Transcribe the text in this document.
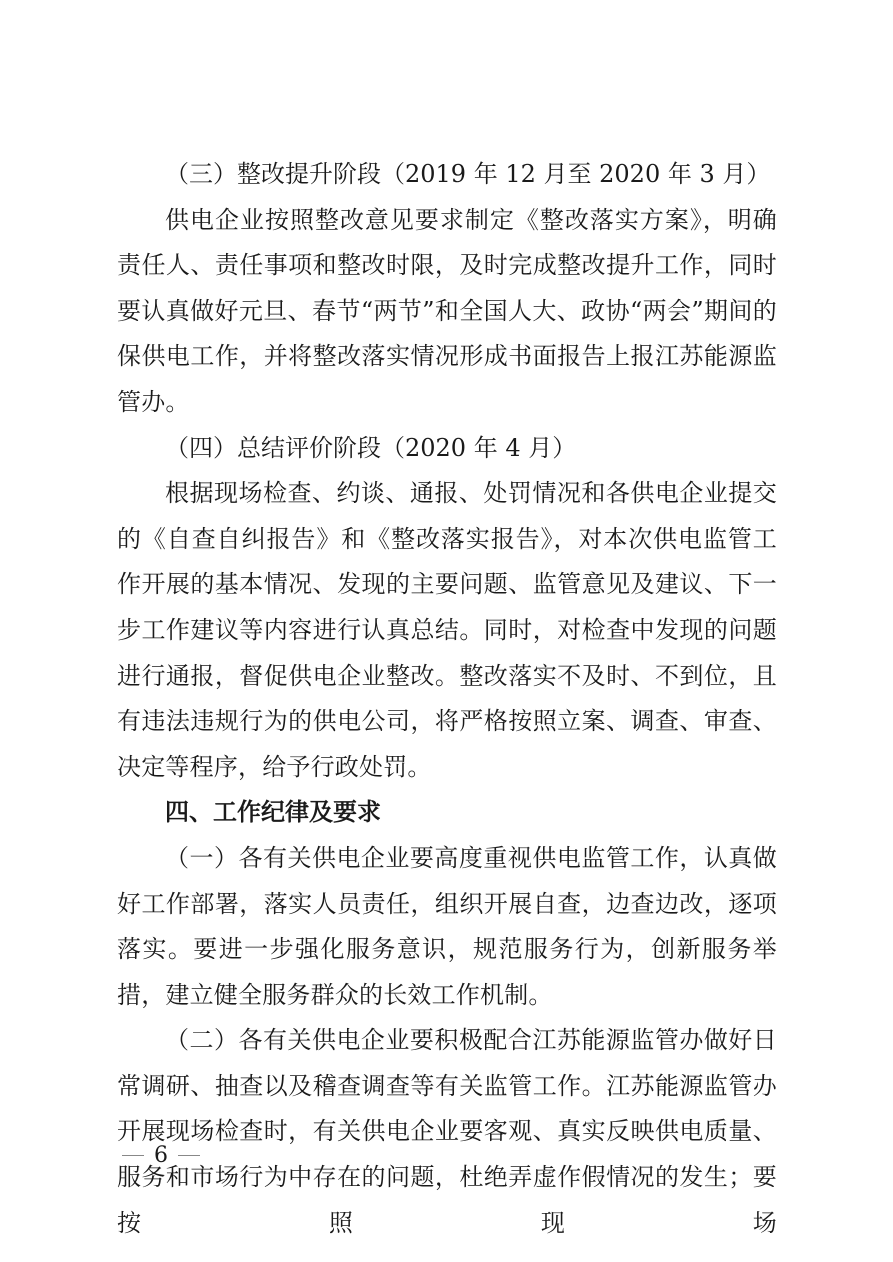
（三）整改提升阶段（2019 年 12 月至 2020 年 3 月）

供电企业按照整改意见要求制定《整改落实方案》，明确责任人、责任事项和整改时限，及时完成整改提升工作，同时要认真做好元旦、春节“两节”和全国人大、政协“两会”期间的保供电工作，并将整改落实情况形成书面报告上报江苏能源监管办。

（四）总结评价阶段（2020 年 4 月）

根据现场检查、约谈、通报、处罚情况和各供电企业提交的《自查自纠报告》和《整改落实报告》，对本次供电监管工作开展的基本情况、发现的主要问题、监管意见及建议、下一步工作建议等内容进行认真总结。同时，对检查中发现的问题进行通报，督促供电企业整改。整改落实不及时、不到位，且有违法违规行为的供电公司，将严格按照立案、调查、审查、决定等程序，给予行政处罚。

四、工作纪律及要求

（一）各有关供电企业要高度重视供电监管工作，认真做好工作部署，落实人员责任，组织开展自查，边查边改，逐项落实。要进一步强化服务意识，规范服务行为，创新服务举措，建立健全服务群众的长效工作机制。

（二）各有关供电企业要积极配合江苏能源监管办做好日常调研、抽查以及稽查调查等有关监管工作。江苏能源监管办开展现场检查时，有关供电企业要客观、真实反映供电质量、服务和市场行为中存在的问题，杜绝弄虚作假情况的发生；要按照现场

6
